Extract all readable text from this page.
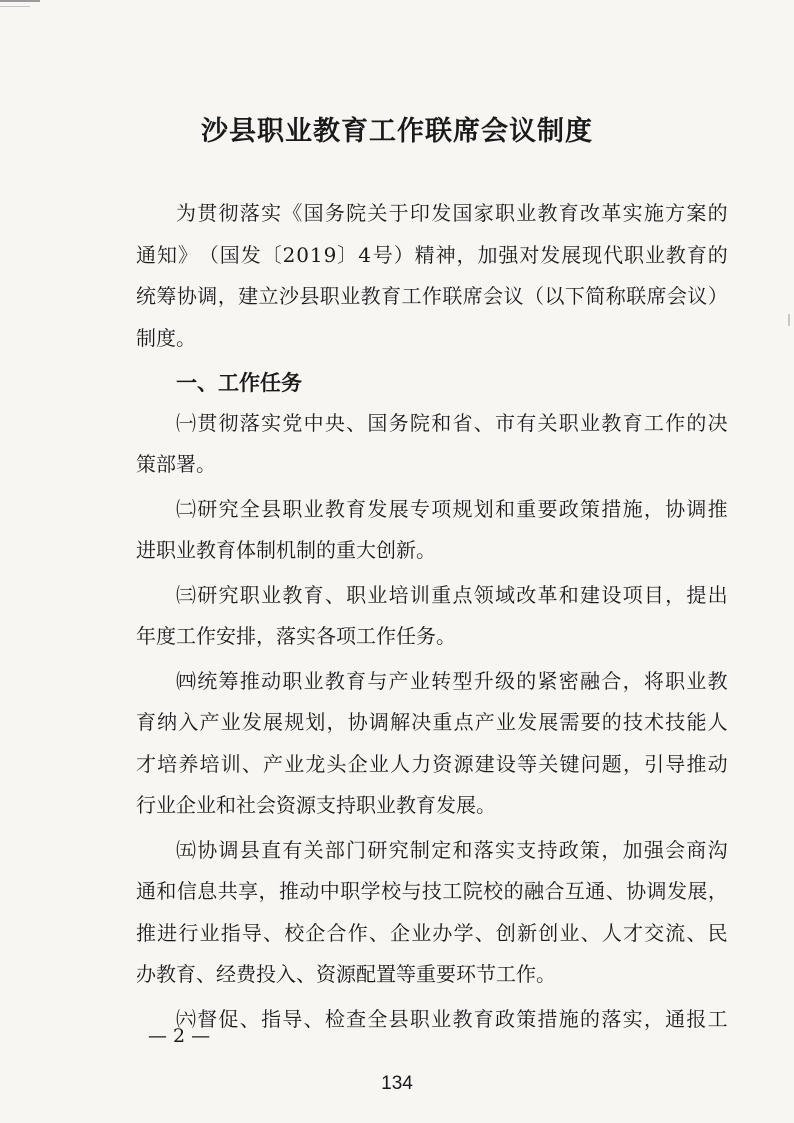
沙县职业教育工作联席会议制度
为 贯 彻 落 实 《 国 务 院 关 于 印 发 国 家 职 业 教 育 改 革 实 施 方 案 的
通 知 》 （ 国 发 〔 2 0 1 9 〕 4 号 ） 精 神 ， 加 强 对 发 展 现 代 职 业 教 育 的
统 筹 协 调 ， 建 立 沙 县 职 业 教 育 工 作 联 席 会 议 （ 以 下 简 称 联 席 会 议 ）
制度。
一、工作任务
㈠ 贯 彻 落 实 党 中 央 、 国 务 院 和 省 、 市 有 关 职 业 教 育 工 作 的 决
策部署。
㈡ 研 究 全 县 职 业 教 育 发 展 专 项 规 划 和 重 要 政 策 措 施 ， 协 调 推
进职业教育体制机制的重大创新。
㈢ 研 究 职 业 教 育 、 职 业 培 训 重 点 领 域 改 革 和 建 设 项 目 ， 提 出
年度工作安排，落实各项工作任务。
㈣ 统 筹 推 动 职 业 教 育 与 产 业 转 型 升 级 的 紧 密 融 合 ， 将 职 业 教
育 纳 入 产 业 发 展 规 划 ， 协 调 解 决 重 点 产 业 发 展 需 要 的 技 术 技 能 人
才 培 养 培 训 、 产 业 龙 头 企 业 人 力 资 源 建 设 等 关 键 问 题 ， 引 导 推 动
行业企业和社会资源支持职业教育发展。
㈤ 协 调 县 直 有 关 部 门 研 究 制 定 和 落 实 支 持 政 策 ， 加 强 会 商 沟
通 和 信 息 共 享 ， 推 动 中 职 学 校 与 技 工 院 校 的 融 合 互 通 、 协 调 发 展 ，
推 进 行 业 指 导 、 校 企 合 作 、 企 业 办 学 、 创 新 创 业 、 人 才 交 流 、 民
办教育、经费投入、资源配置等重要环节工作。
㈥ 督 促 、 指 导 、 检 查 全 县 职 业 教 育 政 策 措 施 的 落 实 ， 通 报 工
— 2 —
134
